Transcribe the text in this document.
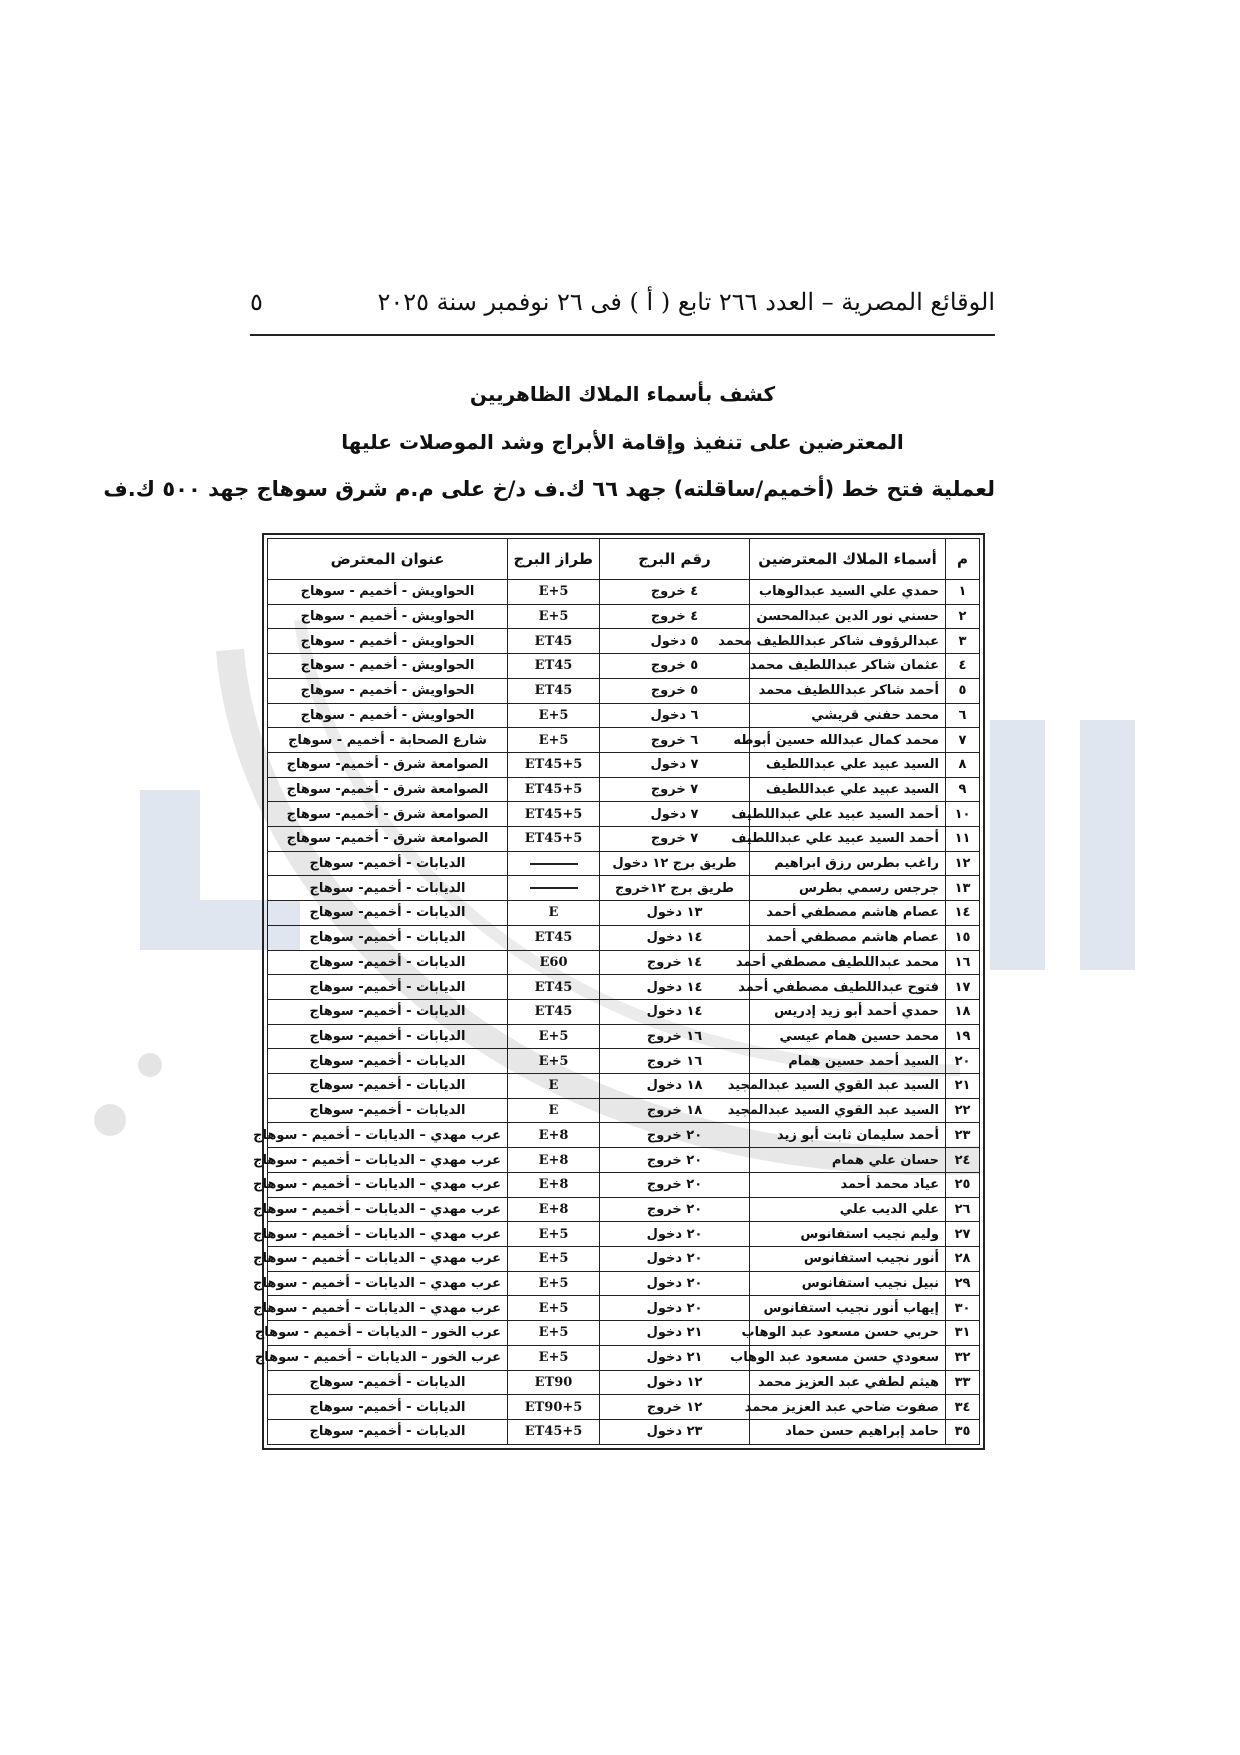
الوقائع المصرية – العدد ٢٦٦ تابع ( أ ) فى ٢٦ نوفمبر سنة ٢٠٢٥
٥
كشف بأسماء الملاك الظاهريين
المعترضين على تنفيذ وإقامة الأبراج وشد الموصلات عليها
لعملية فتح خط (أخميم/ساقلته) جهد ٦٦ ك.ف د/خ على م.م شرق سوهاج جهد ٥٠٠ ك.ف
م	أسماء الملاك المعترضين	رقم البرج	طراز البرج	عنوان المعترض
١	حمدي علي السيد عبدالوهاب	٤ خروج	E+5	الحواويش - أخميم - سوهاج
٢	حسني نور الدين عبدالمحسن	٤ خروج	E+5	الحواويش - أخميم - سوهاج
٣	عبدالرؤوف شاكر عبداللطيف محمد	٥ دخول	ET45	الحواويش - أخميم - سوهاج
٤	عثمان شاكر عبداللطيف محمد	٥ خروج	ET45	الحواويش - أخميم - سوهاج
٥	أحمد شاكر عبداللطيف محمد	٥ خروج	ET45	الحواويش - أخميم - سوهاج
٦	محمد حفني قريشي	٦ دخول	E+5	الحواويش - أخميم - سوهاج
٧	محمد كمال عبدالله حسين أبوطه	٦ خروج	E+5	شارع الصحابة - أخميم - سوهاج
٨	السيد عبيد علي عبداللطيف	٧ دخول	ET45+5	الصوامعة شرق - أخميم- سوهاج
٩	السيد عبيد علي عبداللطيف	٧ خروج	ET45+5	الصوامعة شرق - أخميم- سوهاج
١٠	أحمد السيد عبيد علي عبداللطيف	٧ دخول	ET45+5	الصوامعة شرق - أخميم- سوهاج
١١	أحمد السيد عبيد علي عبداللطيف	٧ خروج	ET45+5	الصوامعة شرق - أخميم- سوهاج
١٢	راغب بطرس رزق ابراهيم	طريق برج ١٢ دخول		الديابات - أخميم- سوهاج
١٣	جرجس رسمي بطرس	طريق برج ١٢خروج		الديابات - أخميم- سوهاج
١٤	عصام هاشم مصطفي أحمد	١٣ دخول	E	الديابات - أخميم- سوهاج
١٥	عصام هاشم مصطفي أحمد	١٤ دخول	ET45	الديابات - أخميم- سوهاج
١٦	محمد عبداللطيف مصطفي أحمد	١٤ خروج	E60	الديابات - أخميم- سوهاج
١٧	فتوح عبداللطيف مصطفي أحمد	١٤ دخول	ET45	الديابات - أخميم- سوهاج
١٨	حمدي أحمد أبو زيد إدريس	١٤ دخول	ET45	الديابات - أخميم- سوهاج
١٩	محمد حسين همام عيسي	١٦ خروج	E+5	الديابات - أخميم- سوهاج
٢٠	السيد أحمد حسين همام	١٦ خروج	E+5	الديابات - أخميم- سوهاج
٢١	السيد عبد القوي السيد عبدالمجيد	١٨ دخول	E	الديابات - أخميم- سوهاج
٢٢	السيد عبد القوي السيد عبدالمجيد	١٨ خروج	E	الديابات - أخميم- سوهاج
٢٣	أحمد سليمان ثابت أبو زيد	٢٠ خروج	E+8	عرب مهدي – الديابات – أخميم - سوهاج
٢٤	حسان علي همام	٢٠ خروج	E+8	عرب مهدي – الديابات – أخميم - سوهاج
٢٥	عياد محمد أحمد	٢٠ خروج	E+8	عرب مهدي – الديابات – أخميم - سوهاج
٢٦	علي الديب علي	٢٠ خروج	E+8	عرب مهدي – الديابات – أخميم - سوهاج
٢٧	وليم نجيب استفانوس	٢٠ دخول	E+5	عرب مهدي – الديابات – أخميم - سوهاج
٢٨	أنور نجيب استفانوس	٢٠ دخول	E+5	عرب مهدي – الديابات – أخميم - سوهاج
٢٩	نبيل نجيب استفانوس	٢٠ دخول	E+5	عرب مهدي – الديابات – أخميم - سوهاج
٣٠	إيهاب أنور نجيب استفانوس	٢٠ دخول	E+5	عرب مهدي – الديابات – أخميم - سوهاج
٣١	حربي حسن مسعود عبد الوهاب	٢١ دخول	E+5	عرب الخور – الديابات – أخميم - سوهاج
٣٢	سعودي حسن مسعود عبد الوهاب	٢١ دخول	E+5	عرب الخور – الديابات – أخميم - سوهاج
٣٣	هيثم لطفي عبد العزيز محمد	١٢ دخول	ET90	الديابات - أخميم- سوهاج
٣٤	صفوت ضاحي عبد العزيز محمد	١٢ خروج	ET90+5	الديابات - أخميم- سوهاج
٣٥	حامد إبراهيم حسن حماد	٢٣ دخول	ET45+5	الديابات - أخميم- سوهاج
